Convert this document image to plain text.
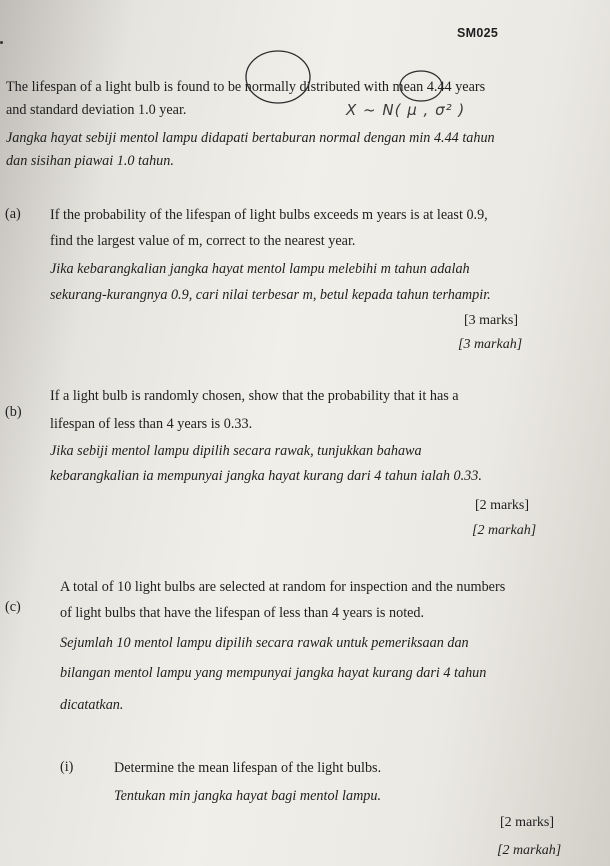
SM025
The lifespan of a light bulb is found to be normally distributed with mean 4.44 years
and standard deviation 1.0 year.	X ~ N( μ , σ² )
Jangka hayat sebiji mentol lampu didapati bertaburan normal dengan min 4.44 tahun
dan sisihan piawai 1.0 tahun.
(a) If the probability of the lifespan of light bulbs exceeds m years is at least 0.9,
find the largest value of m, correct to the nearest year.
Jika kebarangkalian jangka hayat mentol lampu melebihi m tahun adalah
sekurang-kurangnya 0.9, cari nilai terbesar m, betul kepada tahun terhampir.
[3 marks]
[3 markah]
(b)
If a light bulb is randomly chosen, show that the probability that it has a
lifespan of less than 4 years is 0.33.
Jika sebiji mentol lampu dipilih secara rawak, tunjukkan bahawa
kebarangkalian ia mempunyai jangka hayat kurang dari 4 tahun ialah 0.33.
[2 marks]
[2 markah]
(c)
A total of 10 light bulbs are selected at random for inspection and the numbers
of light bulbs that have the lifespan of less than 4 years is noted.
Sejumlah 10 mentol lampu dipilih secara rawak untuk pemeriksaan dan
bilangan mentol lampu yang mempunyai jangka hayat kurang dari 4 tahun
dicatatkan.
(i)	Determine the mean lifespan of the light bulbs.
Tentukan min jangka hayat bagi mentol lampu.
[2 marks]
[2 markah]
